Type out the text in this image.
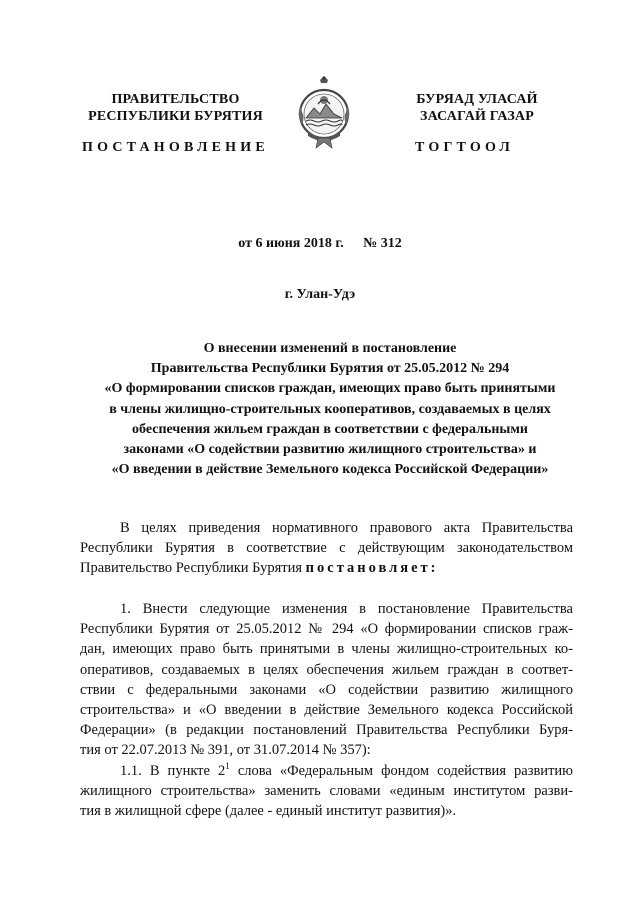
ПРАВИТЕЛЬСТВО
РЕСПУБЛИКИ БУРЯТИЯ
БУРЯАД УЛАСАЙ
ЗАСАГАЙ ГАЗАР
ПОСТАНОВЛЕНИЕ	ТОГТООЛ
от 6 июня 2018 г. № 312
г. Улан-Удэ
О внесении изменений в постановление
Правительства Республики Бурятия от 25.05.2012 № 294
«О формировании списков граждан, имеющих право быть принятыми
в члены жилищно-строительных кооперативов, создаваемых в целях
обеспечения жильем граждан в соответствии с федеральными
законами «О содействии развитию жилищного строительства» и
«О введении в действие Земельного кодекса Российской Федерации»
В целях приведения нормативного правового акта Правительства
Республики Бурятия в соответствие с действующим законодательством
Правительство Республики Бурятия постановляет:
1. Внести следующие изменения в постановление Правительства
Республики Бурятия от 25.05.2012 № 294 «О формировании списков граж-
дан, имеющих право быть принятыми в члены жилищно-строительных ко-
оперативов, создаваемых в целях обеспечения жильем граждан в соответ-
ствии с федеральными законами «О содействии развитию жилищного
строительства» и «О введении в действие Земельного кодекса Российской
Федерации» (в редакции постановлений Правительства Республики Буря-
тия от 22.07.2013 № 391, от 31.07.2014 № 357):
1.1. В пункте $2^1$ слова «Федеральным фондом содействия развитию
жилищного строительства» заменить словами «единым институтом разви-
тия в жилищной сфере (далее - единый институт развития)».
